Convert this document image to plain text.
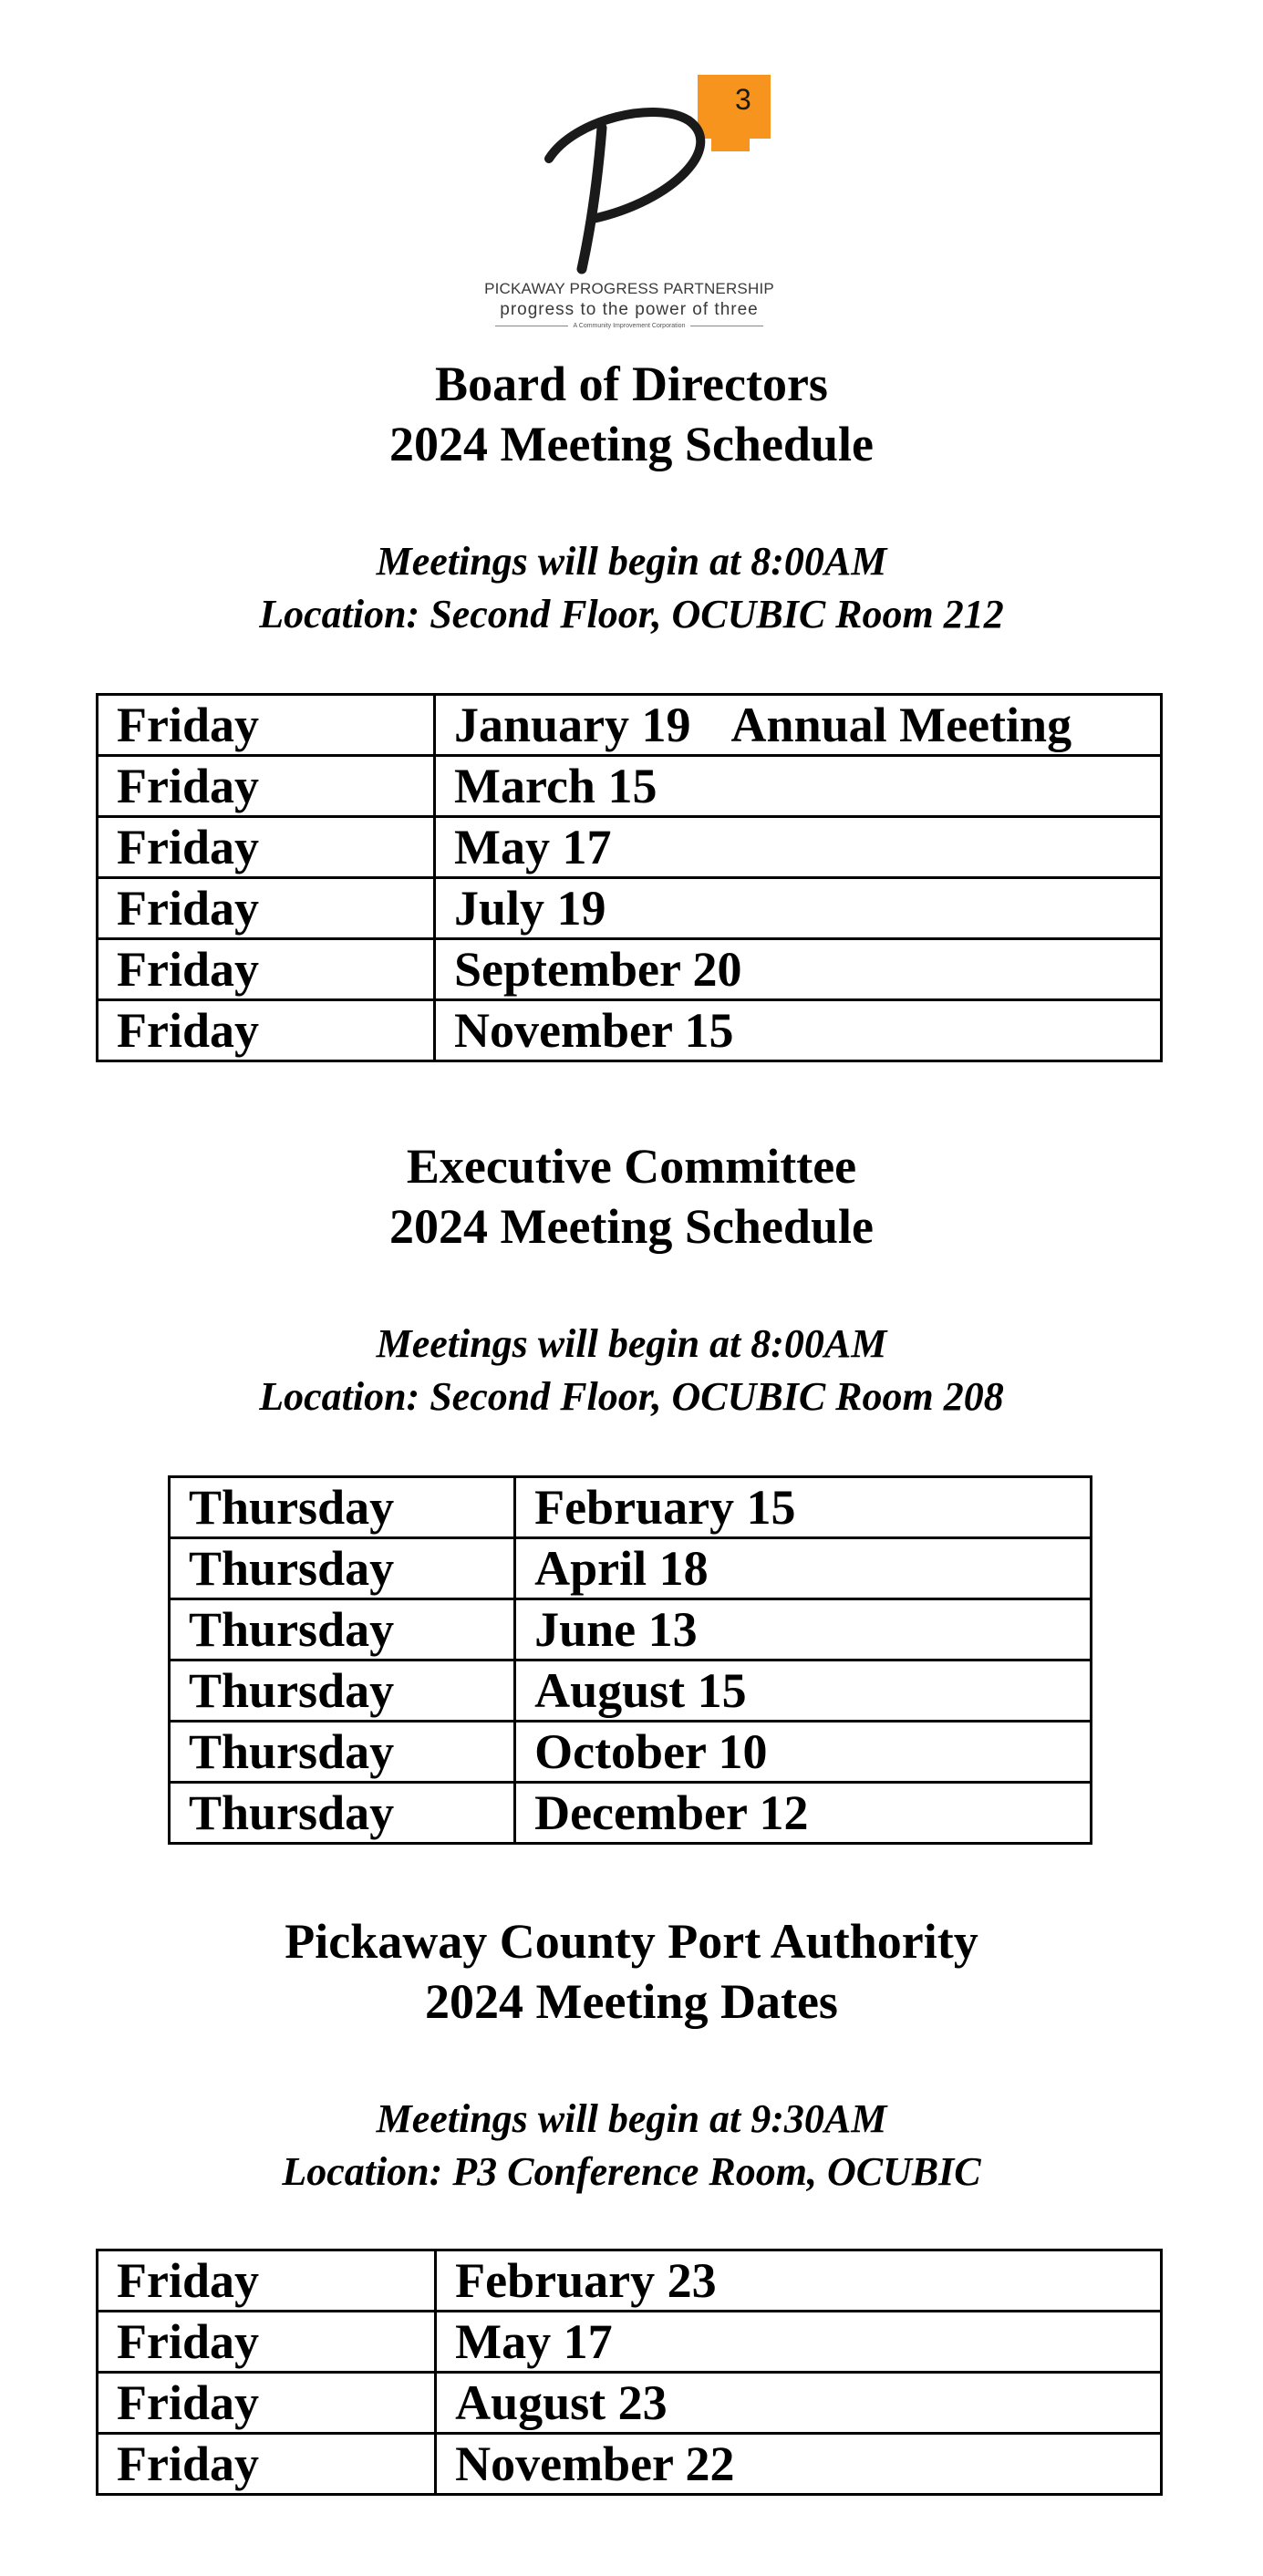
3
PICKAWAY PROGRESS PARTNERSHIP
progress to the power of three
A Community Improvement Corporation
Board of Directors
2024 Meeting Schedule
Meetings will begin at 8:00AM
Location: Second Floor, OCUBIC Room 212
Friday	January 19 Annual Meeting
Friday	March 15
Friday	May 17
Friday	July 19
Friday	September 20
Friday	November 15
Executive Committee
2024 Meeting Schedule
Meetings will begin at 8:00AM
Location: Second Floor, OCUBIC Room 208
Thursday	February 15
Thursday	April 18
Thursday	June 13
Thursday	August 15
Thursday	October 10
Thursday	December 12
Pickaway County Port Authority
2024 Meeting Dates
Meetings will begin at 9:30AM
Location: P3 Conference Room, OCUBIC
Friday	February 23
Friday	May 17
Friday	August 23
Friday	November 22
